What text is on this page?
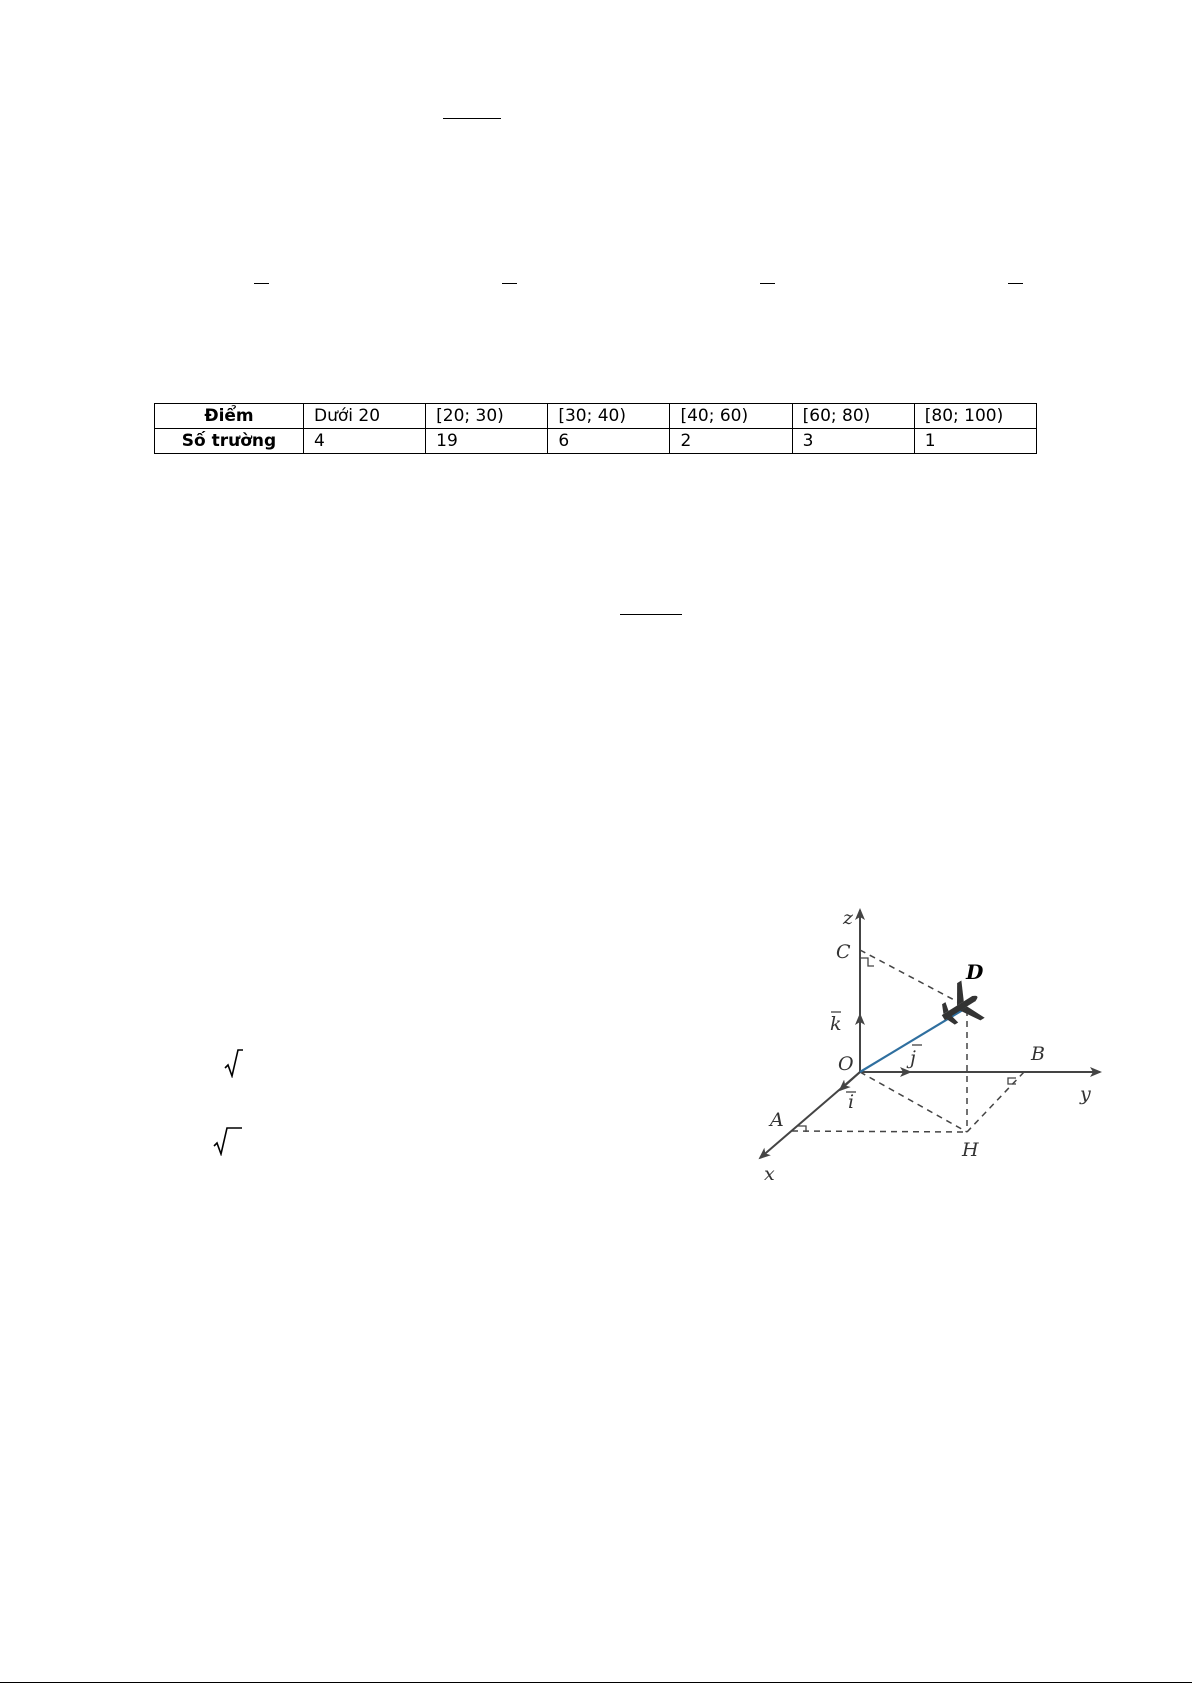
Điểm	Dưới 20	[20; 30)	[30; 40)	[40; 60)	[60; 80)	[80; 100)
Số trường	4	19	6	2	3	1
z
C
D
k
O	j	B
y
i
A
H
x
